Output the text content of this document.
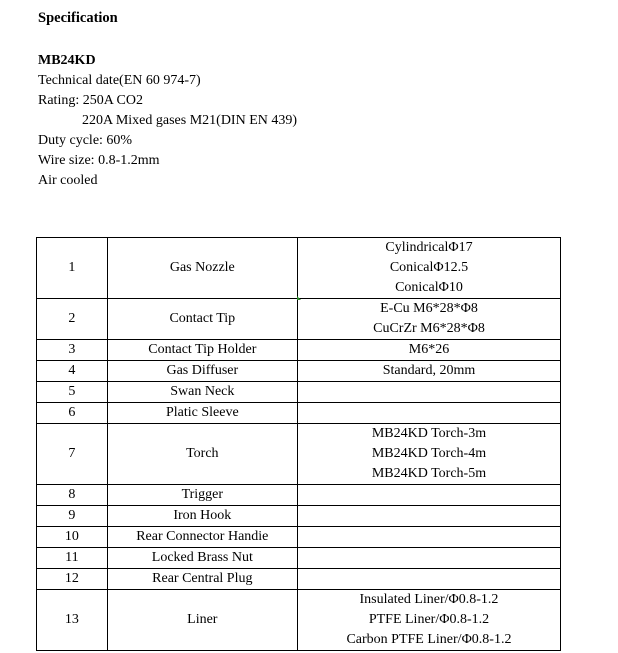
Specification
MB24KD
Technical date(EN 60 974-7)
Rating: 250A CO2
220A Mixed gases M21(DIN EN 439)
Duty cycle: 60%
Wire size: 0.8-1.2mm
Air cooled
1	Gas Nozzle	CylindricalΦ17
ConicalΦ12.5
ConicalΦ10

2	Contact Tip	E-Cu M6*28*Φ8
CuCrZr M6*28*Φ8

3	Contact Tip Holder	M6*26

4	Gas Diffuser	Standard, 20mm

5	Swan Neck	
6	Platic Sleeve	
7	Torch	MB24KD Torch-3m
MB24KD Torch-4m
MB24KD Torch-5m

8	Trigger	
9	Iron Hook	
10	Rear Connector Handie	
11	Locked Brass Nut	
12	Rear Central Plug	
13	Liner	Insulated Liner/Φ0.8-1.2
PTFE Liner/Φ0.8-1.2
Carbon PTFE Liner/Φ0.8-1.2
